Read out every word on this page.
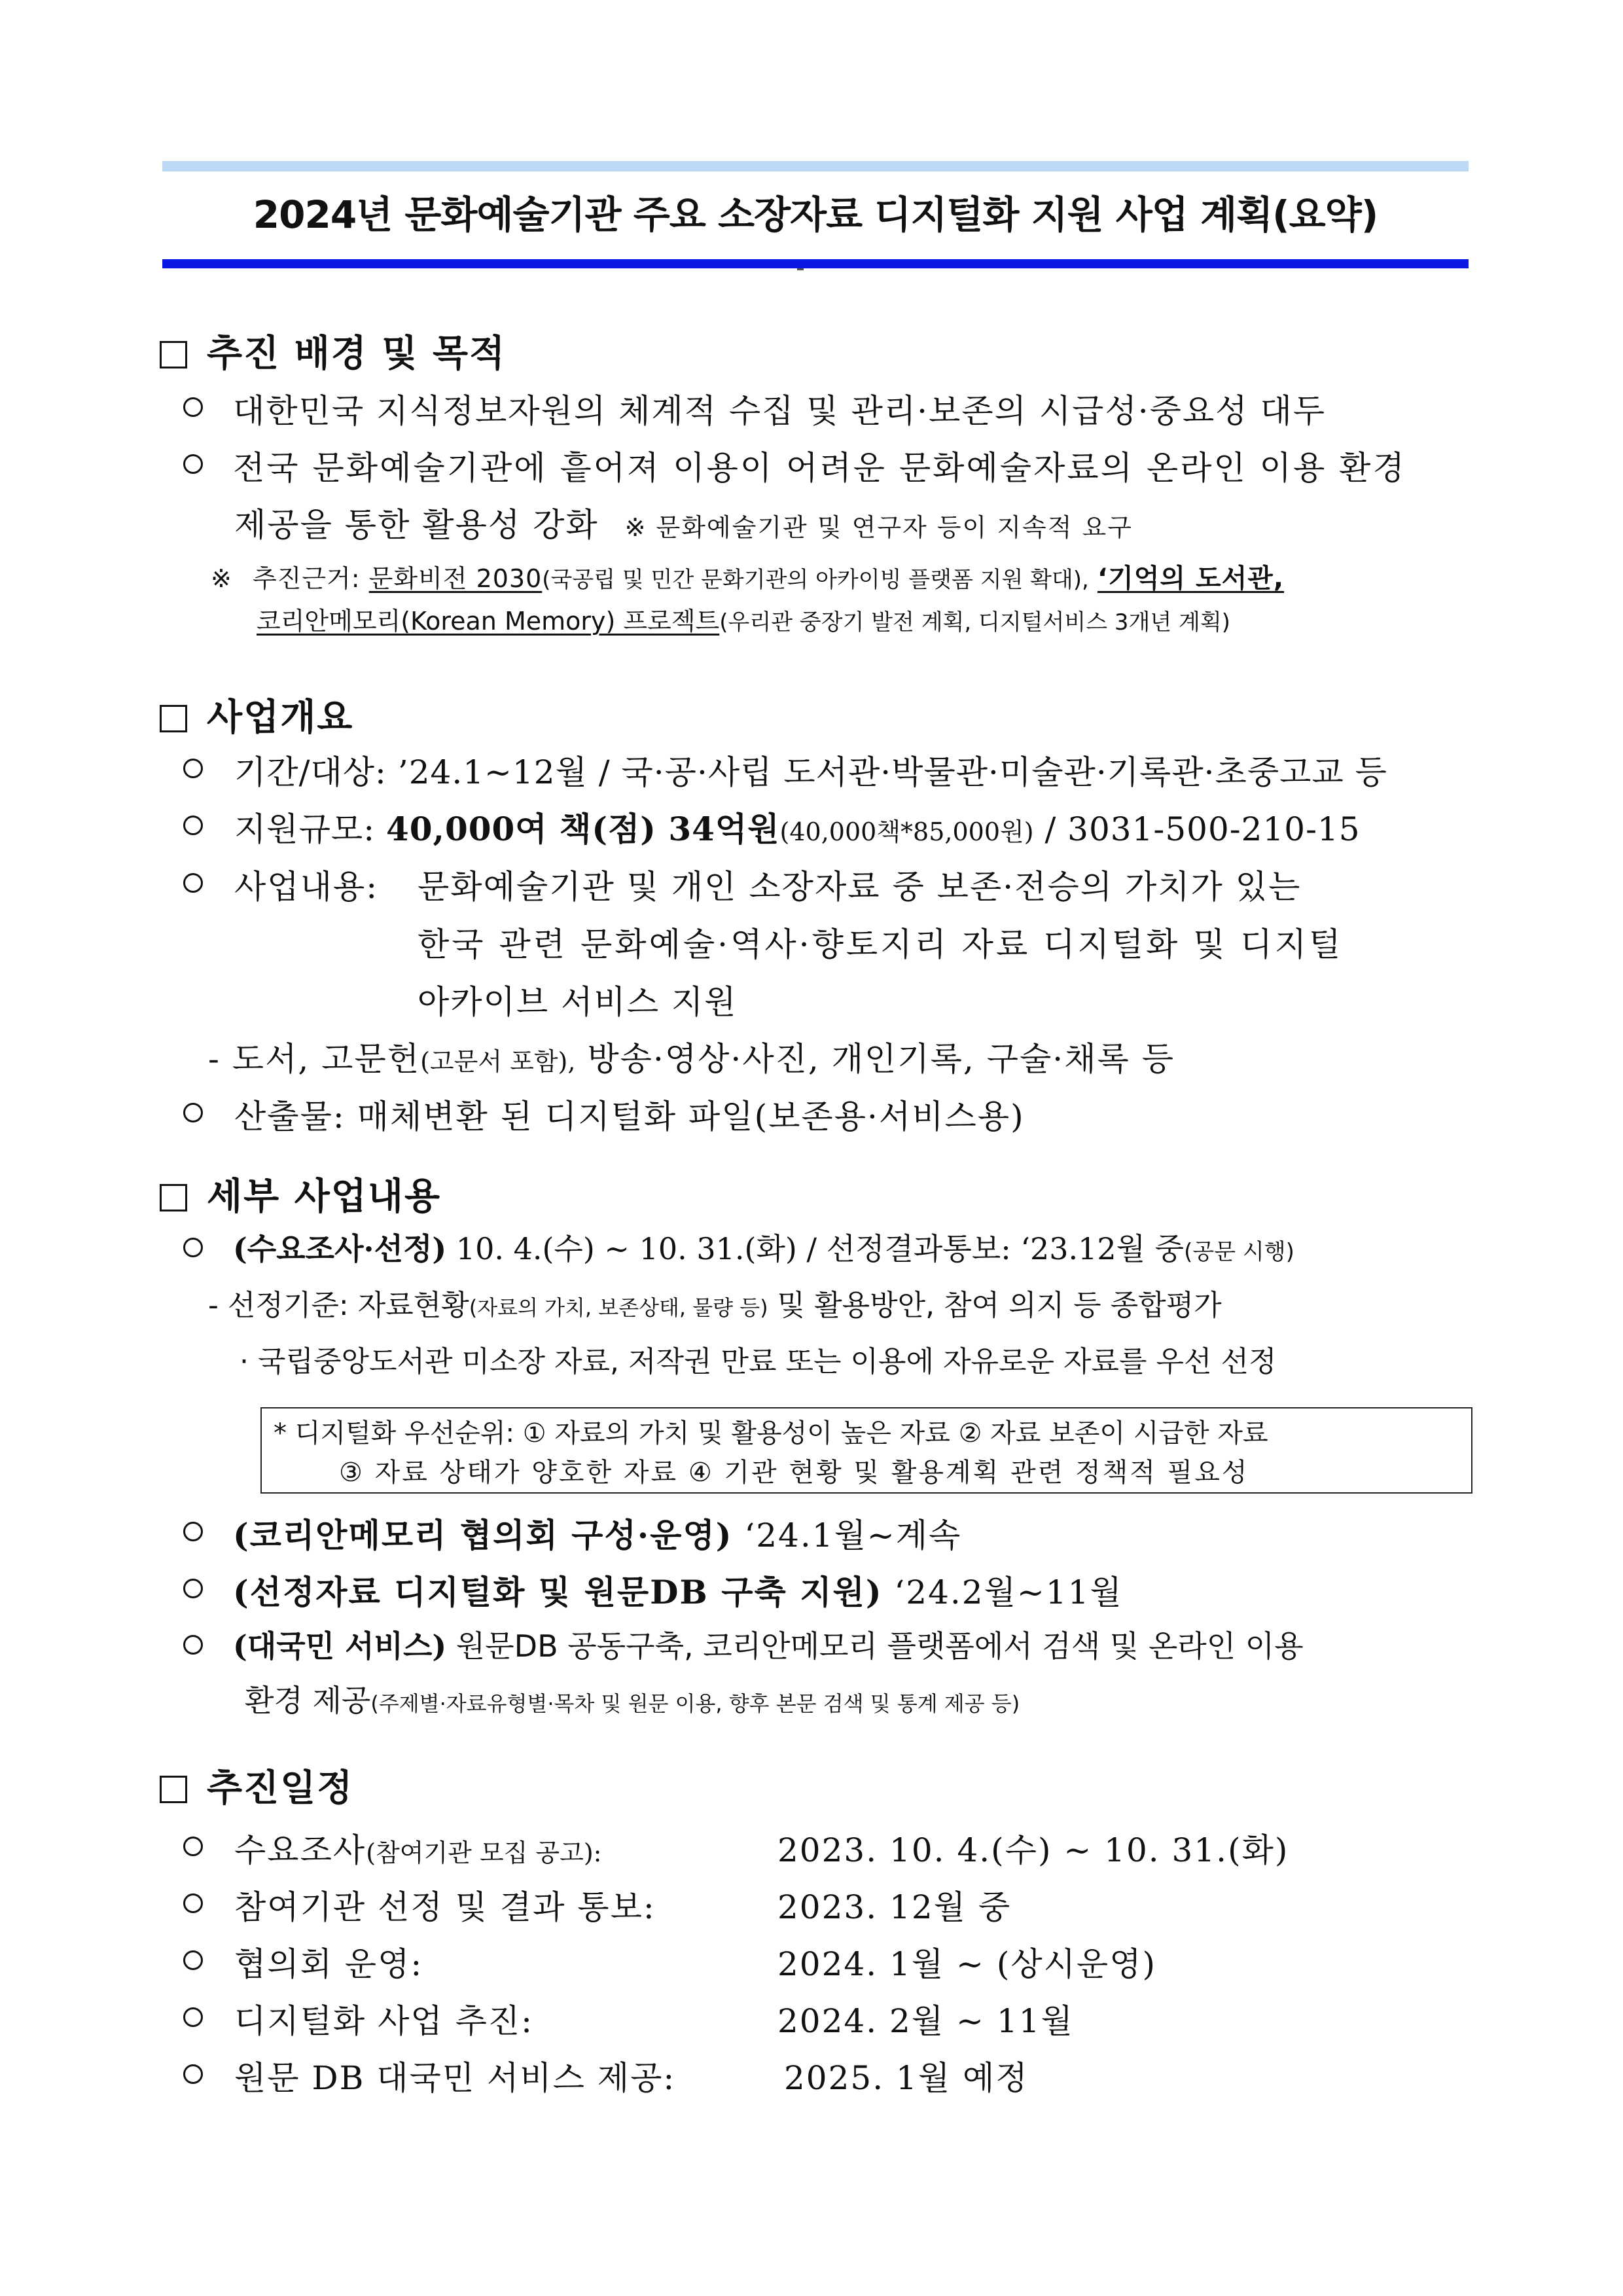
2024년 문화예술기관 주요 소장자료 디지털화 지원 사업 계획(요약)
추진 배경 및 목적
대한민국 지식정보자원의 체계적 수집 및 관리·보존의 시급성·중요성 대두
전국 문화예술기관에 흩어져 이용이 어려운 문화예술자료의 온라인 이용 환경
제공을 통한 활용성 강화 ※ 문화예술기관 및 연구자 등이 지속적 요구
※ 추진근거: 문화비전 2030(국공립 및 민간 문화기관의 아카이빙 플랫폼 지원 확대), ‘기억의 도서관,
코리안메모리(Korean Memory) 프로젝트(우리관 중장기 발전 계획, 디지털서비스 3개년 계획)
사업개요
기간/대상: ’24.1~12월 / 국·공·사립 도서관·박물관·미술관·기록관·초중고교 등
지원규모: 40,000여 책(점) 34억원(40,000책*85,000원) / 3031-500-210-15
사업내용: 문화예술기관 및 개인 소장자료 중 보존·전승의 가치가 있는
한국 관련 문화예술·역사·향토지리 자료 디지털화 및 디지털
아카이브 서비스 지원
- 도서, 고문헌(고문서 포함), 방송·영상·사진, 개인기록, 구술·채록 등
산출물: 매체변환 된 디지털화 파일(보존용·서비스용)
세부 사업내용
(수요조사·선정) 10. 4.(수) ~ 10. 31.(화) / 선정결과통보: ‘23.12월 중(공문 시행)
- 선정기준: 자료현황(자료의 가치, 보존상태, 물량 등) 및 활용방안, 참여 의지 등 종합평가
· 국립중앙도서관 미소장 자료, 저작권 만료 또는 이용에 자유로운 자료를 우선 선정
* 디지털화 우선순위: ① 자료의 가치 및 활용성이 높은 자료 ② 자료 보존이 시급한 자료
③ 자료 상태가 양호한 자료 ④ 기관 현황 및 활용계획 관련 정책적 필요성
(코리안메모리 협의회 구성·운영) ‘24.1월~계속
(선정자료 디지털화 및 원문DB 구축 지원) ‘24.2월~11월
(대국민 서비스) 원문DB 공동구축, 코리안메모리 플랫폼에서 검색 및 온라인 이용
환경 제공(주제별·자료유형별·목차 및 원문 이용, 향후 본문 검색 및 통계 제공 등)
추진일정
수요조사(참여기관 모집 공고):	2023. 10. 4.(수) ~ 10. 31.(화)
참여기관 선정 및 결과 통보:	2023. 12월 중
협의회 운영:	2024. 1월 ~ (상시운영)
디지털화 사업 추진:	2024. 2월 ~ 11월
원문 DB 대국민 서비스 제공:	2025. 1월 예정
